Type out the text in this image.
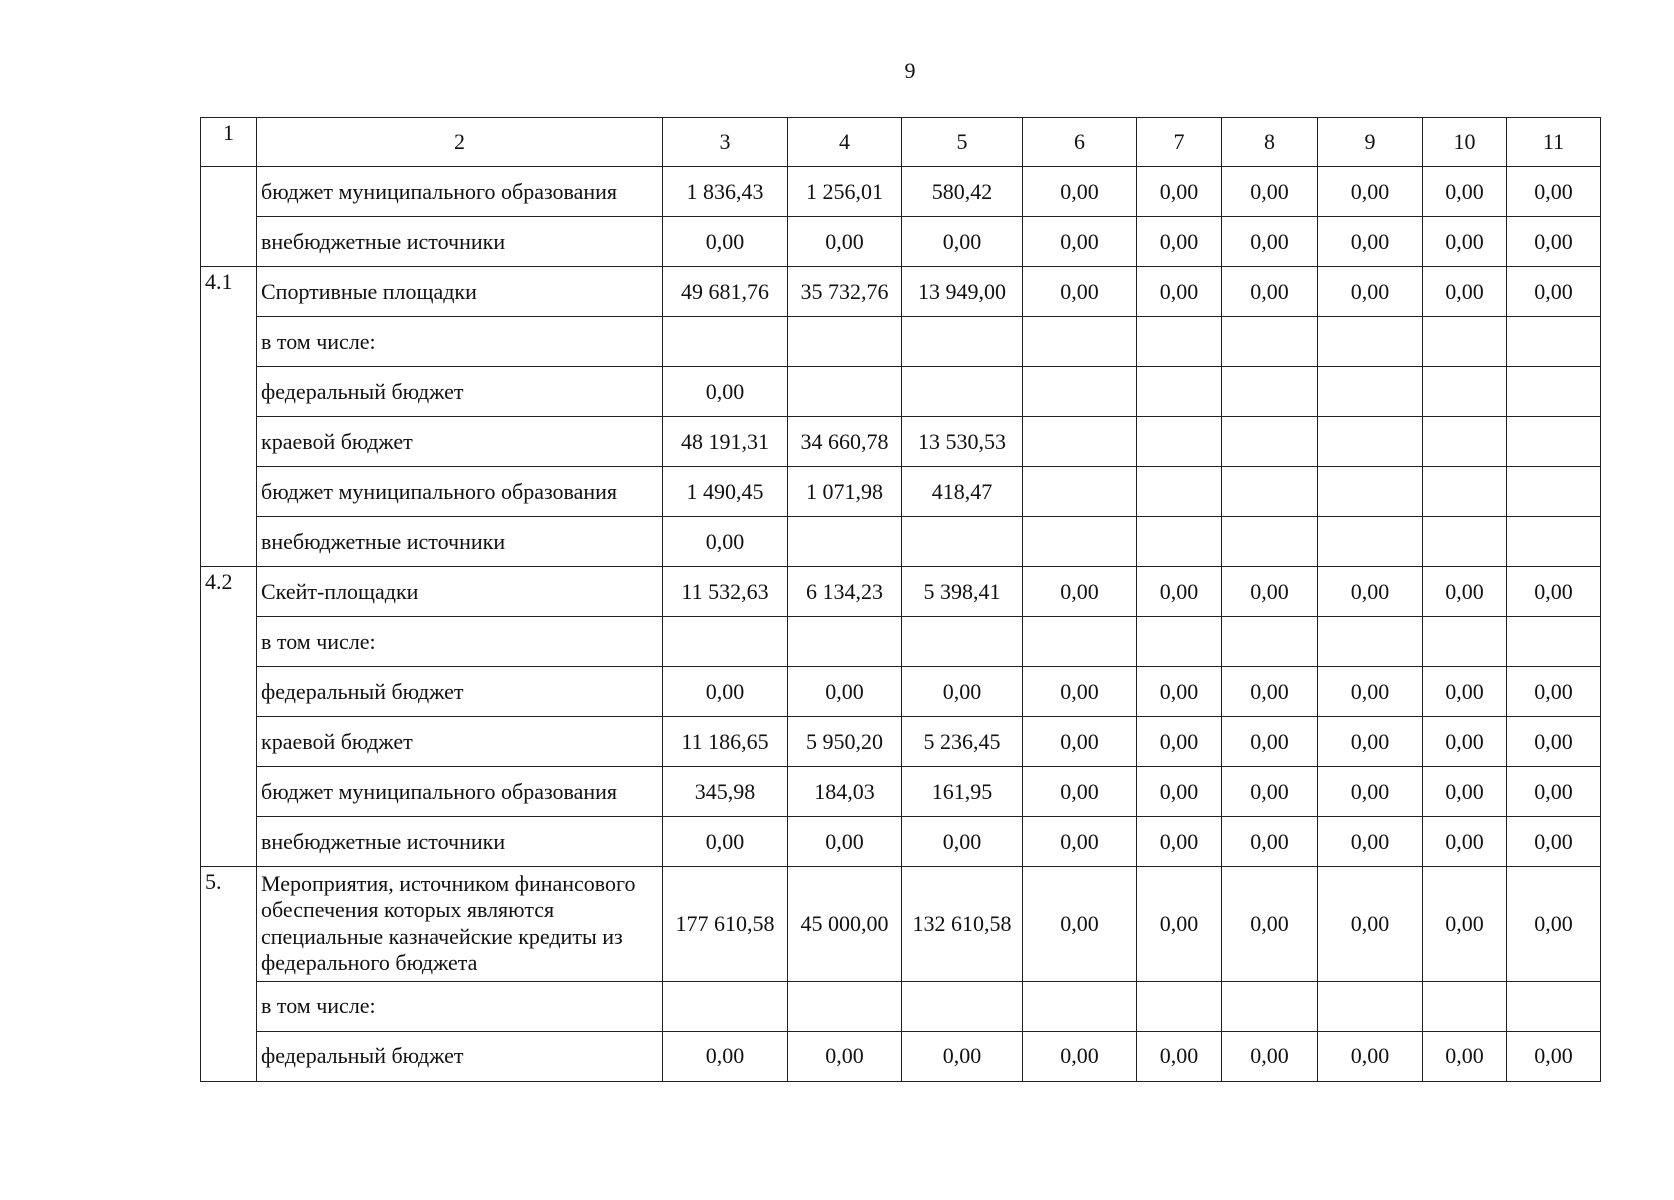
9
1	2	3	4	5	6	7	8	9	10	11
	бюджет муниципального образования	1 836,43	1 256,01	580,42	0,00	0,00	0,00	0,00	0,00	0,00
	внебюджетные источники	0,00	0,00	0,00	0,00	0,00	0,00	0,00	0,00	0,00
4.1	Спортивные площадки	49 681,76	35 732,76	13 949,00	0,00	0,00	0,00	0,00	0,00	0,00
	в том числе:									
	федеральный бюджет	0,00								
	краевой бюджет	48 191,31	34 660,78	13 530,53						
	бюджет муниципального образования	1 490,45	1 071,98	418,47						
	внебюджетные источники	0,00								
4.2	Скейт-площадки	11 532,63	6 134,23	5 398,41	0,00	0,00	0,00	0,00	0,00	0,00
	в том числе:									
	федеральный бюджет	0,00	0,00	0,00	0,00	0,00	0,00	0,00	0,00	0,00
	краевой бюджет	11 186,65	5 950,20	5 236,45	0,00	0,00	0,00	0,00	0,00	0,00
	бюджет муниципального образования	345,98	184,03	161,95	0,00	0,00	0,00	0,00	0,00	0,00
	внебюджетные источники	0,00	0,00	0,00	0,00	0,00	0,00	0,00	0,00	0,00
5.	Мероприятия, источником финансового обеспечения которых являются специальные казначейские кредиты из федерального бюджета	177 610,58	45 000,00	132 610,58	0,00	0,00	0,00	0,00	0,00	0,00
	в том числе:									
	федеральный бюджет	0,00	0,00	0,00	0,00	0,00	0,00	0,00	0,00	0,00
